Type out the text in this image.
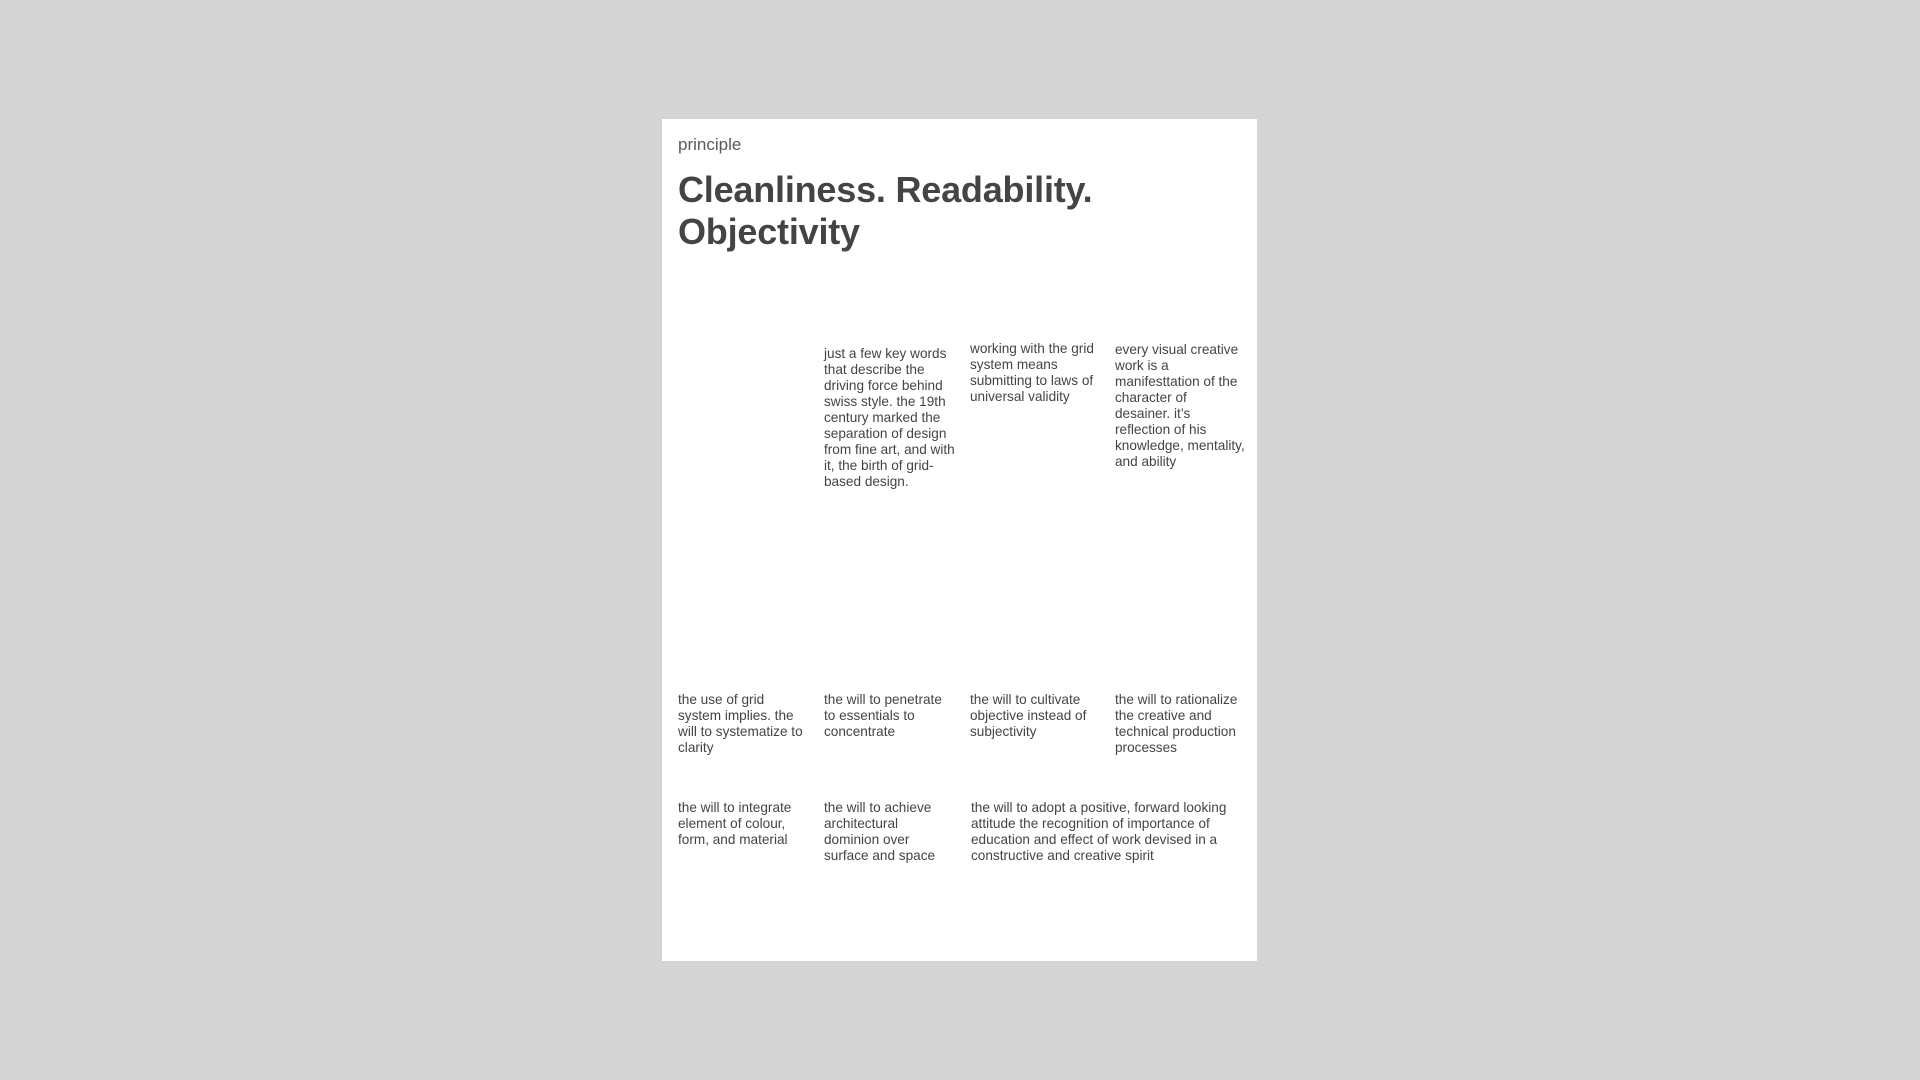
principle

Cleanliness. Readability.
Objectivity

just a few key words that describe the driving force behind swiss style. the 19th century marked the separation of design from fine art, and with it, the birth of grid-based design.

working with the grid system means submitting to laws of universal validity

every visual creative work is a manifesttation of the character of desainer. it’s reflection of his knowledge, mentality, and ability

the use of grid system implies. the will to systematize to clarity

the will to penetrate to essentials to concentrate

the will to cultivate objective instead of subjectivity

the will to rationalize the creative and technical production processes

the will to integrate element of colour, form, and material

the will to achieve architectural dominion over surface and space

the will to adopt a positive, forward looking attitude the recognition of importance of education and effect of work devised in a constructive and creative spirit
